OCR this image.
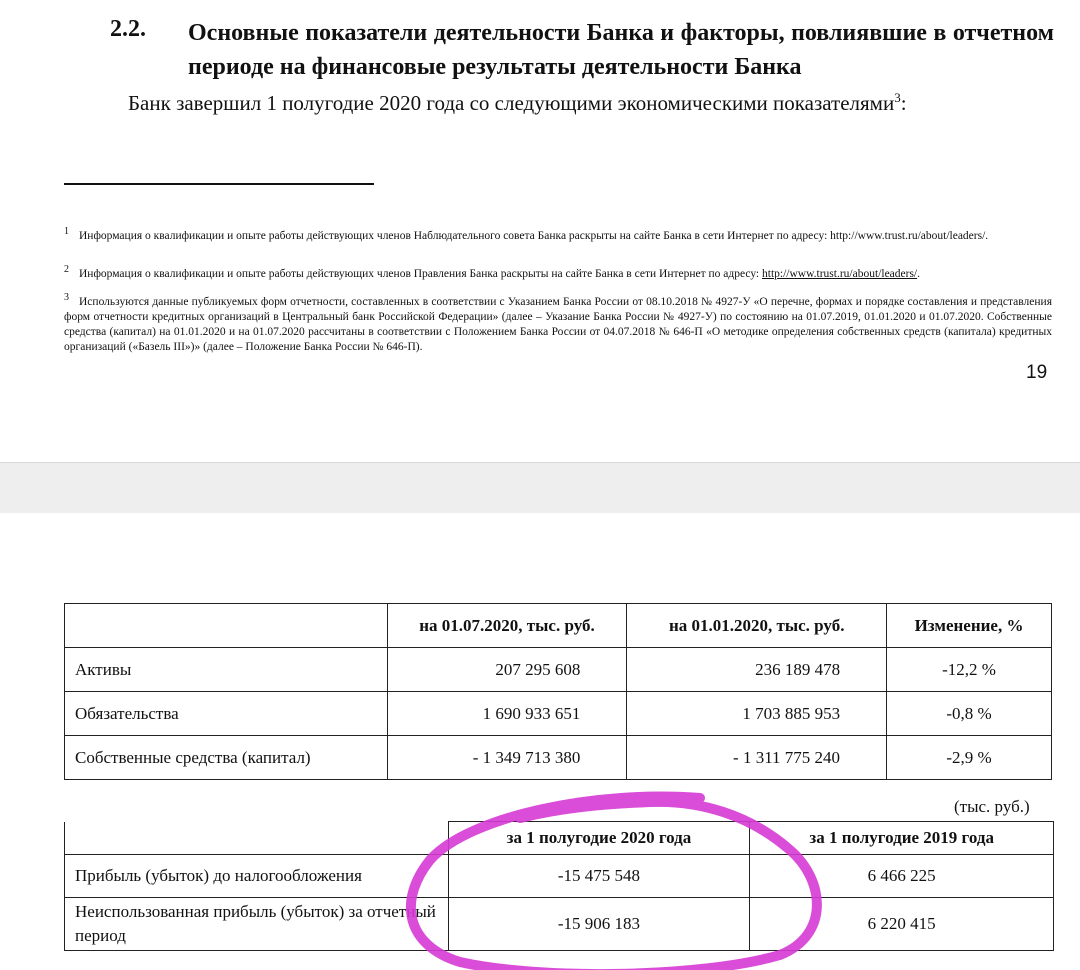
2.2. Основные показатели деятельности Банка и факторы, повлиявшие в отчетном периоде на финансовые результаты деятельности Банка
Банк завершил 1 полугодие 2020 года со следующими экономическими показателями$^3$:
1 Информация о квалификации и опыте работы действующих членов Наблюдательного совета Банка раскрыты на сайте Банка в сети Интернет по адресу: http://www.trust.ru/about/leaders/.
2 Информация о квалификации и опыте работы действующих членов Правления Банка раскрыты на сайте Банка в сети Интернет по адресу: http://www.trust.ru/about/leaders/.
3 Используются данные публикуемых форм отчетности, составленных в соответствии с Указанием Банка России от 08.10.2018 № 4927-У «О перечне, формах и порядке составления и представления форм отчетности кредитных организаций в Центральный банк Российской Федерации» (далее – Указание Банка России № 4927-У) по состоянию на 01.07.2019, 01.01.2020 и 01.07.2020. Собственные средства (капитал) на 01.01.2020 и на 01.07.2020 рассчитаны в соответствии с Положением Банка России от 04.07.2018 № 646-П «О методике определения собственных средств (капитала) кредитных организаций («Базель III»)» (далее – Положение Банка России № 646-П).
19
	на 01.07.2020, тыс. руб.	на 01.01.2020, тыс. руб.	Изменение, %
Активы	207 295 608	236 189 478	-12,2 %
Обязательства	1 690 933 651	1 703 885 953	-0,8 %
Собственные средства (капитал)	- 1 349 713 380	- 1 311 775 240	-2,9 %
(тыс. руб.)
	за 1 полугодие 2020 года	за 1 полугодие 2019 года
Прибыль (убыток) до налогообложения	-15 475 548	6 466 225
Неиспользованная прибыль (убыток) за отчетный период	-15 906 183	6 220 415
